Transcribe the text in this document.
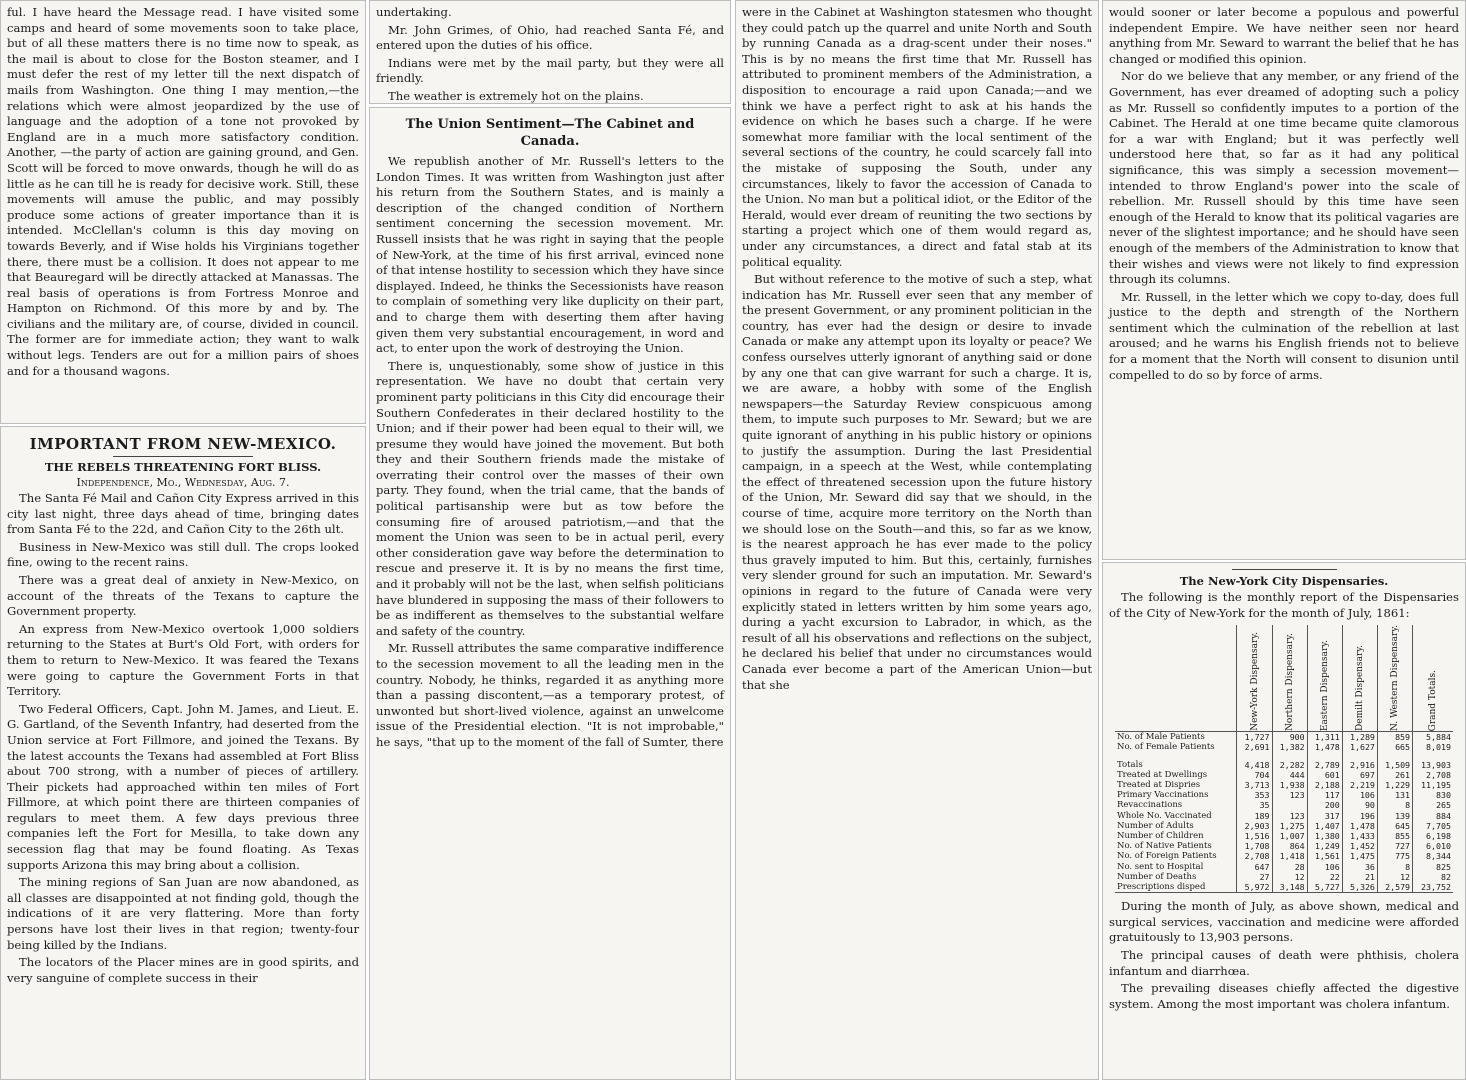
ful. I have heard the Message read. I have visited some camps and heard of some movements soon to take place, but of all these matters there is no time now to speak, as the mail is about to close for the Boston steamer, and I must defer the rest of my letter till the next dispatch of mails from Washington. One thing I may mention,—the relations which were almost jeopardized by the use of language and the adoption of a tone not provoked by England are in a much more satisfactory condition. Another, —the party of action are gaining ground, and Gen. Scott will be forced to move onwards, though he will do as little as he can till he is ready for decisive work. Still, these movements will amuse the public, and may possibly produce some actions of greater importance than it is intended. McClellan's column is this day moving on towards Beverly, and if Wise holds his Virginians together there, there must be a collision. It does not appear to me that Beauregard will be directly attacked at Manassas. The real basis of operations is from Fortress Monroe and Hampton on Richmond. Of this more by and by. The civilians and the military are, of course, divided in council. The former are for immediate action; they want to walk without legs. Tenders are out for a million pairs of shoes and for a thousand wagons.

IMPORTANT FROM NEW-MEXICO.
THE REBELS THREATENING FORT BLISS.
Independence, Mo., Wednesday, Aug. 7.

The Santa Fé Mail and Cañon City Express arrived in this city last night, three days ahead of time, bringing dates from Santa Fé to the 22d, and Cañon City to the 26th ult.

Business in New-Mexico was still dull. The crops looked fine, owing to the recent rains.

There was a great deal of anxiety in New-Mexico, on account of the threats of the Texans to capture the Government property.

An express from New-Mexico overtook 1,000 soldiers returning to the States at Burt's Old Fort, with orders for them to return to New-Mexico. It was feared the Texans were going to capture the Government Forts in that Territory.

Two Federal Officers, Capt. John M. James, and Lieut. E. G. Gartland, of the Seventh Infantry, had deserted from the Union service at Fort Fillmore, and joined the Texans. By the latest accounts the Texans had assembled at Fort Bliss about 700 strong, with a number of pieces of artillery. Their pickets had approached within ten miles of Fort Fillmore, at which point there are thirteen companies of regulars to meet them. A few days previous three companies left the Fort for Mesilla, to take down any secession flag that may be found floating. As Texas supports Arizona this may bring about a collision.

The mining regions of San Juan are now abandoned, as all classes are disappointed at not finding gold, though the indications of it are very flattering. More than forty persons have lost their lives in that region; twenty-four being killed by the Indians.

The locators of the Placer mines are in good spirits, and very sanguine of complete success in their

undertaking.

Mr. John Grimes, of Ohio, had reached Santa Fé, and entered upon the duties of his office.

Indians were met by the mail party, but they were all friendly.

The weather is extremely hot on the plains.

The Union Sentiment—The Cabinet and Canada.

We republish another of Mr. Russell's letters to the London Times. It was written from Washington just after his return from the Southern States, and is mainly a description of the changed condition of Northern sentiment concerning the secession movement. Mr. Russell insists that he was right in saying that the people of New-York, at the time of his first arrival, evinced none of that intense hostility to secession which they have since displayed. Indeed, he thinks the Secessionists have reason to complain of something very like duplicity on their part, and to charge them with deserting them after having given them very substantial encouragement, in word and act, to enter upon the work of destroying the Union.

There is, unquestionably, some show of justice in this representation. We have no doubt that certain very prominent party politicians in this City did encourage their Southern Confederates in their declared hostility to the Union; and if their power had been equal to their will, we presume they would have joined the movement. But both they and their Southern friends made the mistake of overrating their control over the masses of their own party. They found, when the trial came, that the bands of political partisanship were but as tow before the consuming fire of aroused patriotism,—and that the moment the Union was seen to be in actual peril, every other consideration gave way before the determination to rescue and preserve it. It is by no means the first time, and it probably will not be the last, when selfish politicians have blundered in supposing the mass of their followers to be as indifferent as themselves to the substantial welfare and safety of the country.

Mr. Russell attributes the same comparative indifference to the secession movement to all the leading men in the country. Nobody, he thinks, regarded it as anything more than a passing discontent,—as a temporary protest, of unwonted but short-lived violence, against an unwelcome issue of the Presidential election. "It is not improbable," he says, "that up to the moment of the fall of Sumter, there

were in the Cabinet at Washington statesmen who thought they could patch up the quarrel and unite North and South by running Canada as a drag-scent under their noses." This is by no means the first time that Mr. Russell has attributed to prominent members of the Administration, a disposition to encourage a raid upon Canada;—and we think we have a perfect right to ask at his hands the evidence on which he bases such a charge. If he were somewhat more familiar with the local sentiment of the several sections of the country, he could scarcely fall into the mistake of supposing the South, under any circumstances, likely to favor the accession of Canada to the Union. No man but a political idiot, or the Editor of the Herald, would ever dream of reuniting the two sections by starting a project which one of them would regard as, under any circumstances, a direct and fatal stab at its political equality.

But without reference to the motive of such a step, what indication has Mr. Russell ever seen that any member of the present Government, or any prominent politician in the country, has ever had the design or desire to invade Canada or make any attempt upon its loyalty or peace? We confess ourselves utterly ignorant of anything said or done by any one that can give warrant for such a charge. It is, we are aware, a hobby with some of the English newspapers—the Saturday Review conspicuous among them, to impute such purposes to Mr. Seward; but we are quite ignorant of anything in his public history or opinions to justify the assumption. During the last Presidential campaign, in a speech at the West, while contemplating the effect of threatened secession upon the future history of the Union, Mr. Seward did say that we should, in the course of time, acquire more territory on the North than we should lose on the South—and this, so far as we know, is the nearest approach he has ever made to the policy thus gravely imputed to him. But this, certainly, furnishes very slender ground for such an imputation. Mr. Seward's opinions in regard to the future of Canada were very explicitly stated in letters written by him some years ago, during a yacht excursion to Labrador, in which, as the result of all his observations and reflections on the subject, he declared his belief that under no circumstances would Canada ever become a part of the American Union—but that she

would sooner or later become a populous and powerful independent Empire. We have neither seen nor heard anything from Mr. Seward to warrant the belief that he has changed or modified this opinion.

Nor do we believe that any member, or any friend of the Government, has ever dreamed of adopting such a policy as Mr. Russell so confidently imputes to a portion of the Cabinet. The Herald at one time became quite clamorous for a war with England; but it was perfectly well understood here that, so far as it had any political significance, this was simply a secession movement—intended to throw England's power into the scale of rebellion. Mr. Russell should by this time have seen enough of the Herald to know that its political vagaries are never of the slightest importance; and he should have seen enough of the members of the Administration to know that their wishes and views were not likely to find expression through its columns.

Mr. Russell, in the letter which we copy to-day, does full justice to the depth and strength of the Northern sentiment which the culmination of the rebellion at last aroused; and he warns his English friends not to believe for a moment that the North will consent to disunion until compelled to do so by force of arms.

The New-York City Dispensaries.

The following is the monthly report of the Dispensaries of the City of New-York for the month of July, 1861:

	New-York Dispensary.	Northern Dispensary.	Eastern Dispensary.	Demilt Dispensary.	N. Western Dispensary.	Grand Totals.

No. of Male Patients	1,727	900	1,311	1,289	859	5,884
No. of Female Patients	2,691	1,382	1,478	1,627	665	8,019

Totals	4,418	2,282	2,789	2,916	1,509	13,903
Treated at Dwellings	704	444	601	697	261	2,708
Treated at Dispries	3,713	1,938	2,188	2,219	1,229	11,195
Primary Vaccinations	353	123	117	106	131	830
Revaccinations	35		200	90	8	265
Whole No. Vaccinated	189	123	317	196	139	884
Number of Adults	2,903	1,275	1,407	1,478	645	7,705
Number of Children	1,516	1,007	1,380	1,433	855	6,198
No. of Native Patients	1,708	864	1,249	1,452	727	6,010
No. of Foreign Patients	2,708	1,418	1,561	1,475	775	8,344
No. sent to Hospital	647	28	106	36	8	825
Number of Deaths	27	12	22	21	12	82
Prescriptions disped	5,972	3,148	5,727	5,326	2,579	23,752

During the month of July, as above shown, medical and surgical services, vaccination and medicine were afforded gratuitously to 13,903 persons.

The principal causes of death were phthisis, cholera infantum and diarrhœa.

The prevailing diseases chiefly affected the digestive system. Among the most important was cholera infantum.
